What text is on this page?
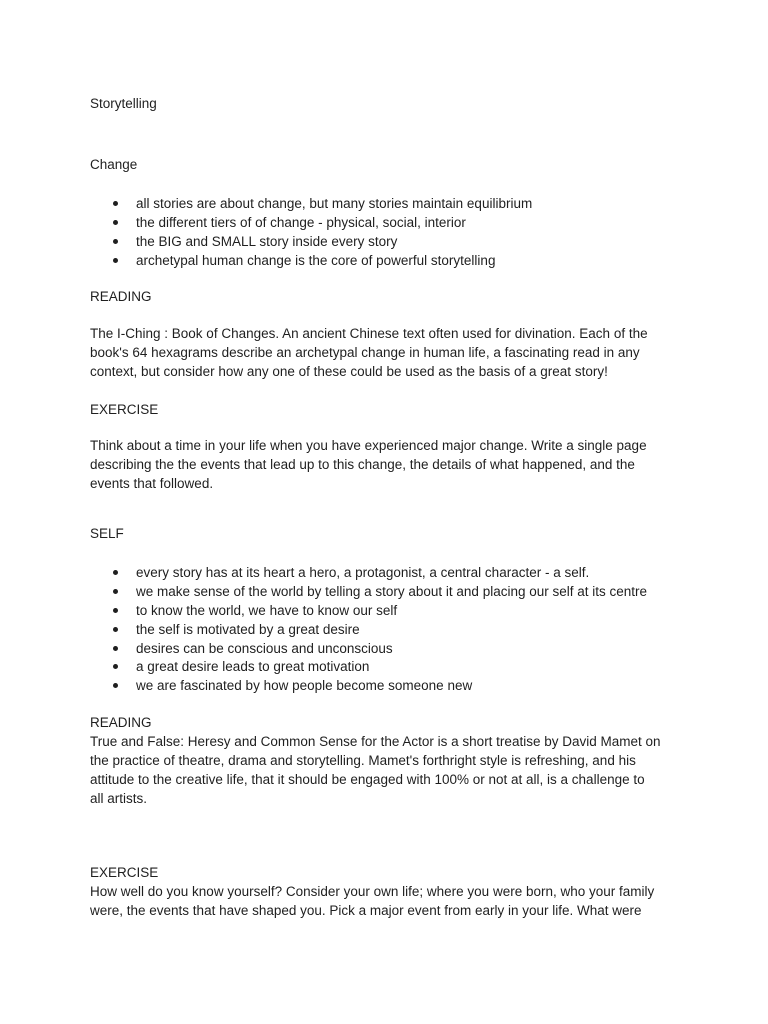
Storytelling
Change
all stories are about change, but many stories maintain equilibrium
the different tiers of of change - physical, social, interior
the BIG and SMALL story inside every story
archetypal human change is the core of powerful storytelling
READING
The I-Ching : Book of Changes. An ancient Chinese text often used for divination. Each of the
book's 64 hexagrams describe an archetypal change in human life, a fascinating read in any
context, but consider how any one of these could be used as the basis of a great story!
EXERCISE
Think about a time in your life when you have experienced major change. Write a single page
describing the the events that lead up to this change, the details of what happened, and the
events that followed.
SELF
every story has at its heart a hero, a protagonist, a central character - a self.
we make sense of the world by telling a story about it and placing our self at its centre
to know the world, we have to know our self
the self is motivated by a great desire
desires can be conscious and unconscious
a great desire leads to great motivation
we are fascinated by how people become someone new
READING
True and False: Heresy and Common Sense for the Actor is a short treatise by David Mamet on
the practice of theatre, drama and storytelling. Mamet's forthright style is refreshing, and his
attitude to the creative life, that it should be engaged with 100% or not at all, is a challenge to
all artists.
EXERCISE
How well do you know yourself? Consider your own life; where you were born, who your family
were, the events that have shaped you. Pick a major event from early in your life. What were
